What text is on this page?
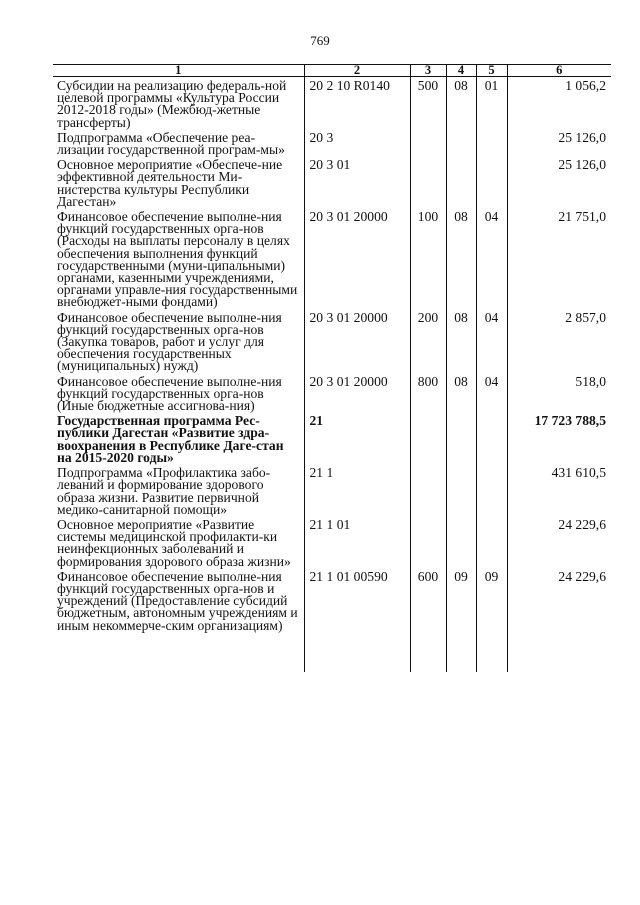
769
1	2	3	4	5	6
Субсидии на реализацию федераль-ной целевой программы «Культура России 2012-2018 годы» (Межбюд-жетные трансферты)	20 2 10 R0140	500	08	01	1 056,2
Подпрограмма «Обеспечение реа-лизации государственной програм-мы»	20 3				25 126,0
Основное мероприятие «Обеспече-ние эффективной деятельности Ми-нистерства культуры Республики Дагестан»	20 3 01				25 126,0
Финансовое обеспечение выполне-ния функций государственных орга-нов (Расходы на выплаты персоналу в целях обеспечения выполнения функций государственными (муни-ципальными) органами, казенными учреждениями, органами управле-ния государственными внебюджет-ными фондами)	20 3 01 20000	100	08	04	21 751,0
Финансовое обеспечение выполне-ния функций государственных орга-нов (Закупка товаров, работ и услуг для обеспечения государственных (муниципальных) нужд)	20 3 01 20000	200	08	04	2 857,0
Финансовое обеспечение выполне-ния функций государственных орга-нов (Иные бюджетные ассигнова-ния)	20 3 01 20000	800	08	04	518,0
Государственная программа Рес-публики Дагестан «Развитие здра-воохранения в Республике Даге-стан на 2015-2020 годы»	21				17 723 788,5
Подпрограмма «Профилактика забо-леваний и формирование здорового образа жизни. Развитие первичной медико-санитарной помощи»	21 1				431 610,5
Основное мероприятие «Развитие системы медицинской профилакти-ки неинфекционных заболеваний и формирования здорового образа жизни»	21 1 01				24 229,6
Финансовое обеспечение выполне-ния функций государственных орга-нов и учреждений (Предоставление субсидий бюджетным, автономным учреждениям и иным некоммерче-ским организациям)	21 1 01 00590	600	09	09	24 229,6
